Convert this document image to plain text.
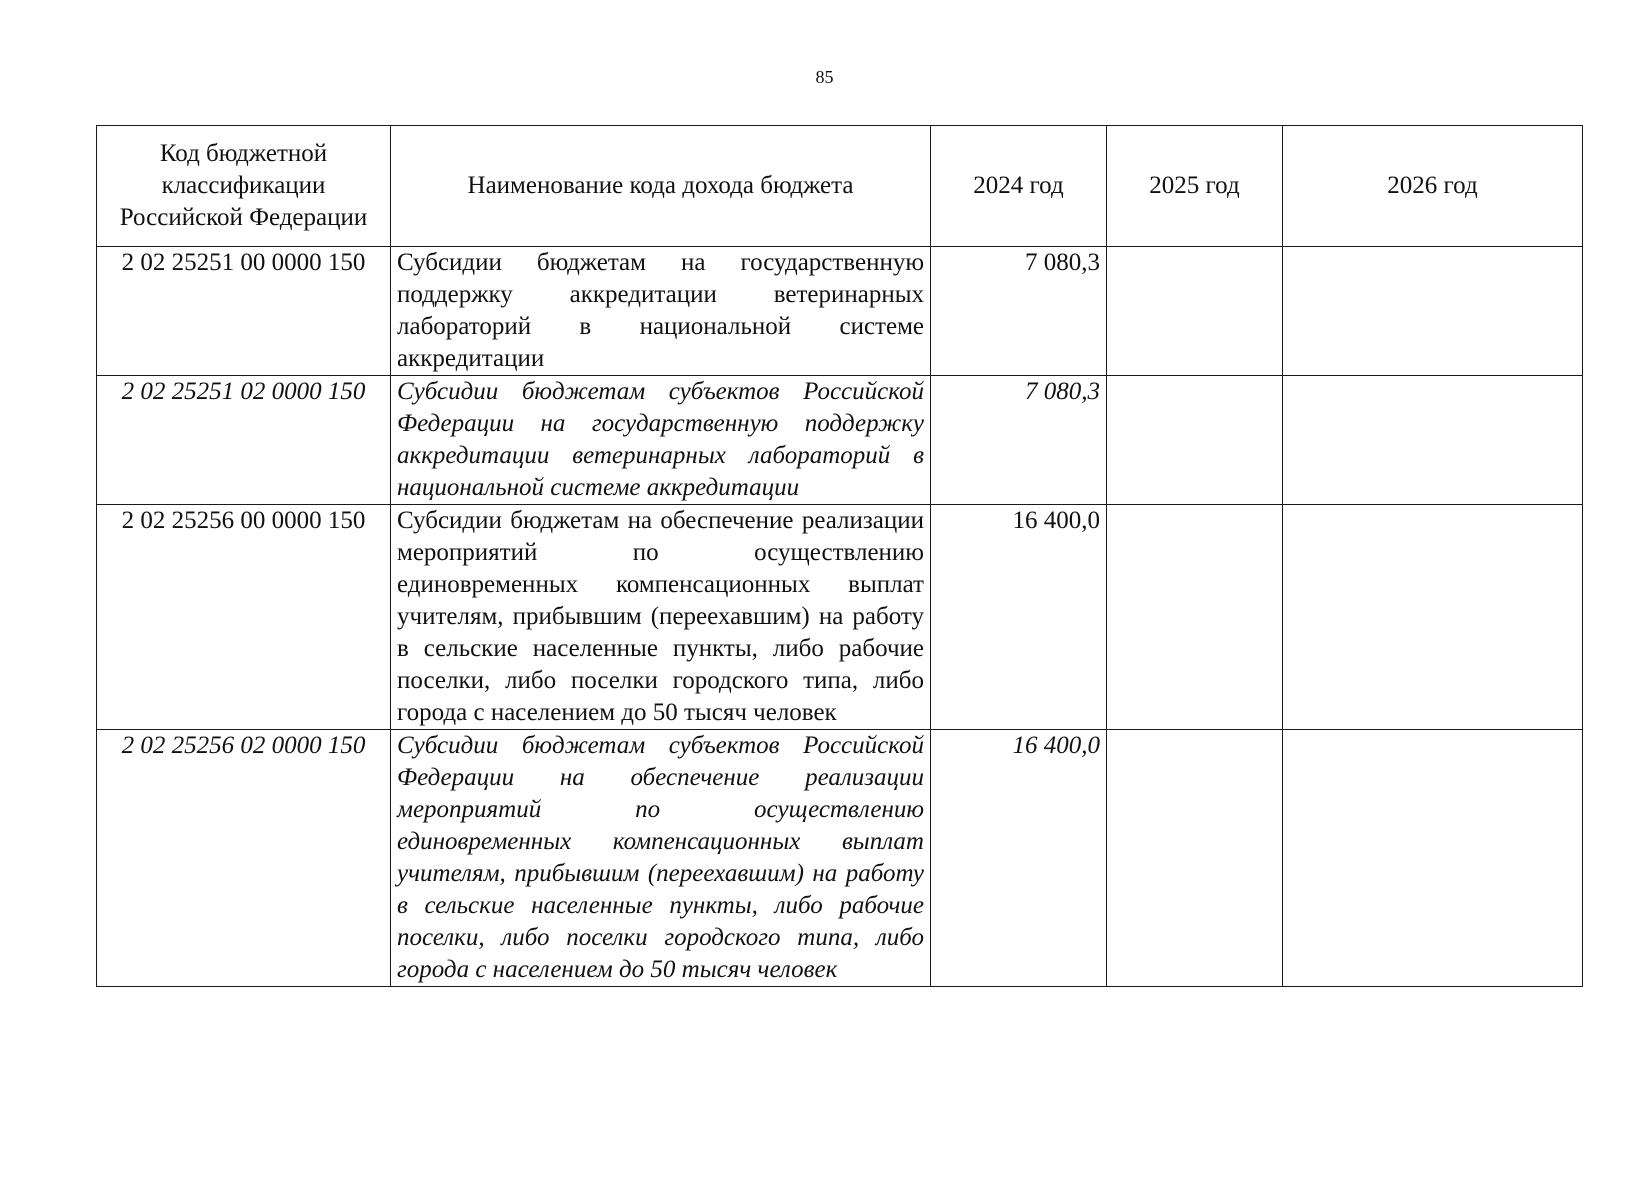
85
Код бюджетной классификации Российской Федерации	Наименование кода дохода бюджета	2024 год	2025 год	2026 год
2 02 25251 00 0000 150	Субсидии бюджетам на государственную поддержку аккредитации ветеринарных лабораторий в национальной системе аккредитации	7 080,3		
2 02 25251 02 0000 150	Субсидии бюджетам субъектов Российской Федерации на государственную поддержку аккредитации ветеринарных лабораторий в национальной системе аккредитации	7 080,3		
2 02 25256 00 0000 150	Субсидии бюджетам на обеспечение реализации мероприятий по осуществлению единовременных компенсационных выплат учителям, прибывшим (переехавшим) на работу в сельские населенные пункты, либо рабочие поселки, либо поселки городского типа, либо города с населением до 50 тысяч человек	16 400,0		
2 02 25256 02 0000 150	Субсидии бюджетам субъектов Российской Федерации на обеспечение реализации мероприятий по осуществлению единовременных компенсационных выплат учителям, прибывшим (переехавшим) на работу в сельские населенные пункты, либо рабочие поселки, либо поселки городского типа, либо города с населением до 50 тысяч человек	16 400,0		
